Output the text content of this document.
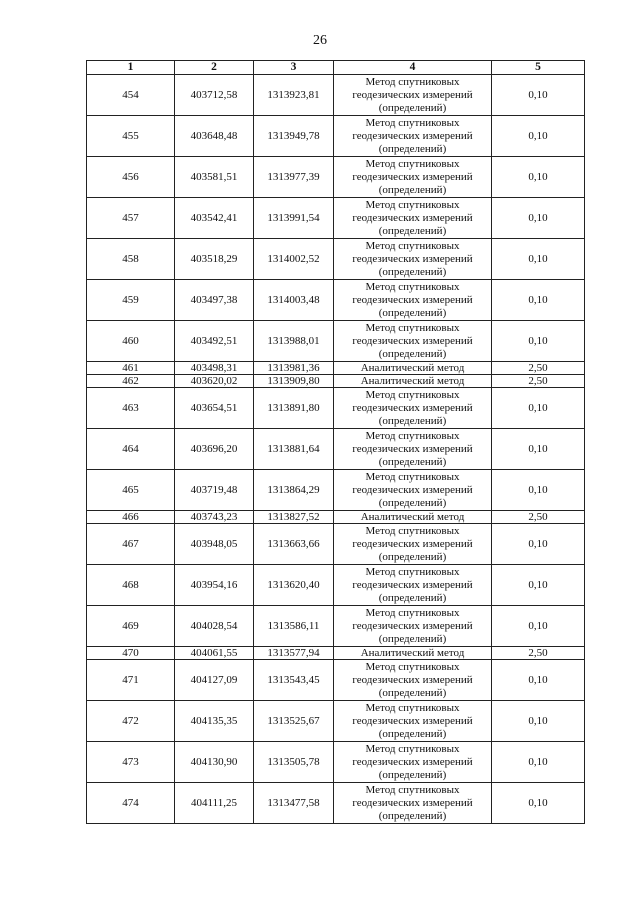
26
1	2	3	4	5
454	403712,58	1313923,81	Метод спутниковых геодезических измерений (определений)	0,10
455	403648,48	1313949,78	Метод спутниковых геодезических измерений (определений)	0,10
456	403581,51	1313977,39	Метод спутниковых геодезических измерений (определений)	0,10
457	403542,41	1313991,54	Метод спутниковых геодезических измерений (определений)	0,10
458	403518,29	1314002,52	Метод спутниковых геодезических измерений (определений)	0,10
459	403497,38	1314003,48	Метод спутниковых геодезических измерений (определений)	0,10
460	403492,51	1313988,01	Метод спутниковых геодезических измерений (определений)	0,10
461	403498,31	1313981,36	Аналитический метод	2,50
462	403620,02	1313909,80	Аналитический метод	2,50
463	403654,51	1313891,80	Метод спутниковых геодезических измерений (определений)	0,10
464	403696,20	1313881,64	Метод спутниковых геодезических измерений (определений)	0,10
465	403719,48	1313864,29	Метод спутниковых геодезических измерений (определений)	0,10
466	403743,23	1313827,52	Аналитический метод	2,50
467	403948,05	1313663,66	Метод спутниковых геодезических измерений (определений)	0,10
468	403954,16	1313620,40	Метод спутниковых геодезических измерений (определений)	0,10
469	404028,54	1313586,11	Метод спутниковых геодезических измерений (определений)	0,10
470	404061,55	1313577,94	Аналитический метод	2,50
471	404127,09	1313543,45	Метод спутниковых геодезических измерений (определений)	0,10
472	404135,35	1313525,67	Метод спутниковых геодезических измерений (определений)	0,10
473	404130,90	1313505,78	Метод спутниковых геодезических измерений (определений)	0,10
474	404111,25	1313477,58	Метод спутниковых геодезических измерений (определений)	0,10
